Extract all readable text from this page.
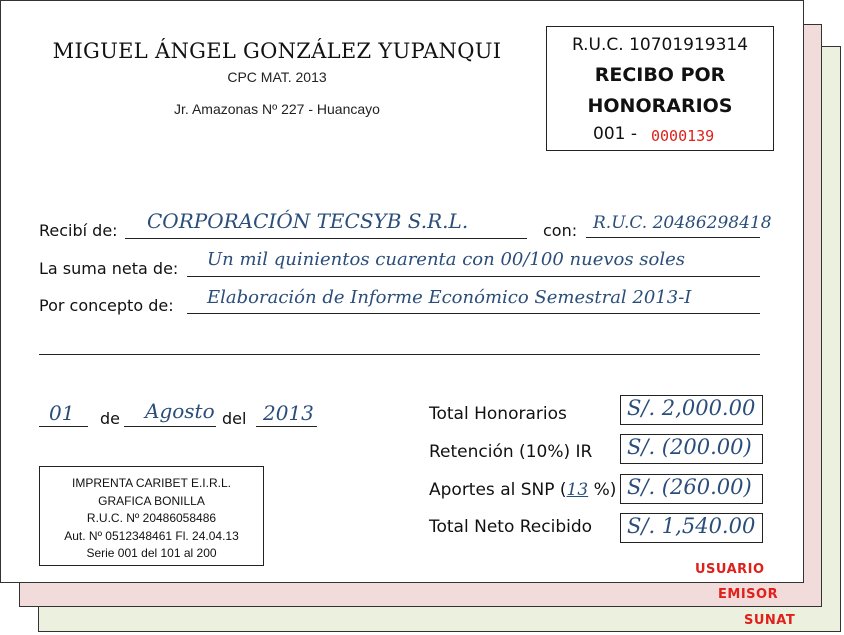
SUNAT
EMISOR
MIGUEL ÁNGEL GONZÁLEZ YUPANQUI
CPC MAT. 2013
Jr. Amazonas Nº 227 - Huancayo
R.U.C. 10701919314
RECIBO POR
HONORARIOS
001 - 0000139
Recibí de: CORPORACIÓN TECSYB S.R.L.	con: R.U.C. 20486298418
La suma neta de: Un mil quinientos cuarenta con 00/100 nuevos soles
Por concepto de: Elaboración de Informe Económico Semestral 2013-I
01 de Agosto del 2013	Total Honorarios	S/. 2,000.00
Retención (10%) IR S/. (200.00)
Aportes al SNP (13 %) S/. (260.00)
Total Neto Recibido S/. 1,540.00
IMPRENTA CARIBET E.I.R.L.
GRAFICA BONILLA
R.U.C. Nº 20486058486
Aut. Nº 0512348461 Fl. 24.04.13
Serie 001 del 101 al 200
USUARIO
